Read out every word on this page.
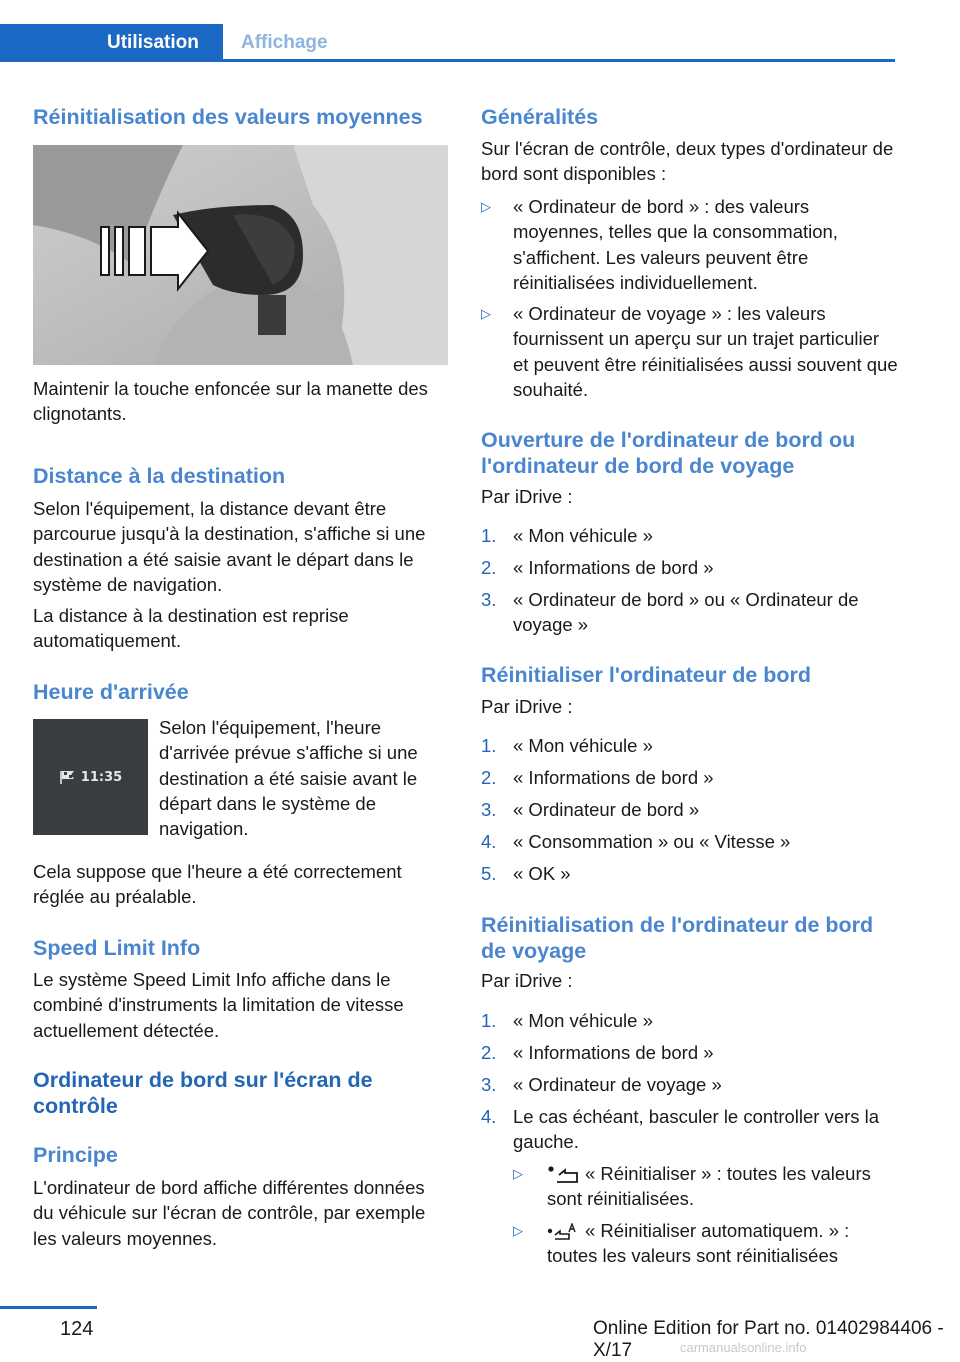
Utilisation	Affichage
Réinitialisation des valeurs moyennes

Maintenir la touche enfoncée sur la manette des clignotants.

Distance à la destination

Selon l'équipement, la distance devant être parcourue jusqu'à la destination, s'affiche si une destination a été saisie avant le départ dans le système de navigation.

La distance à la destination est reprise automatiquement.

Heure d'arrivée
11:35

Selon l'équipement, l'heure d'arrivée prévue s'affiche si une destination a été saisie avant le départ dans le système de navigation.

Cela suppose que l'heure a été correctement réglée au préalable.

Speed Limit Info

Le système Speed Limit Info affiche dans le combiné d'instruments la limitation de vitesse actuellement détectée.

Ordinateur de bord sur l'écran de contrôle
Principe

L'ordinateur de bord affiche différentes données du véhicule sur l'écran de contrôle, par exemple les valeurs moyennes.

Généralités

Sur l'écran de contrôle, deux types d'ordinateur de bord sont disponibles :

▷ « Ordinateur de bord » : des valeurs moyennes, telles que la consommation, s'affichent. Les valeurs peuvent être réinitialisées individuellement.
▷ « Ordinateur de voyage » : les valeurs fournissent un aperçu sur un trajet particulier et peuvent être réinitialisées aussi souvent que souhaité.
Ouverture de l'ordinateur de bord ou l'ordinateur de bord de voyage

Par iDrive :

1. « Mon véhicule »
2. « Informations de bord »
3. « Ordinateur de bord » ou « Ordinateur de voyage »
Réinitialiser l'ordinateur de bord

Par iDrive :

1. « Mon véhicule »
2. « Informations de bord »
3. « Ordinateur de bord »
4. « Consommation » ou « Vitesse »
5. « OK »
Réinitialisation de l'ordinateur de bord de voyage

Par iDrive :

1. « Mon véhicule »
2. « Informations de bord »
3. « Ordinateur de voyage »
4. Le cas échéant, basculer le controller vers la gauche.
▷	« Réinitialiser » : toutes les valeurs sont réinitialisées.
▷	« Réinitialiser automatiquem. » : toutes les valeurs sont réinitialisées
124	Online Edition for Part no. 01402984406 - X/17	carmanualsonline.info
